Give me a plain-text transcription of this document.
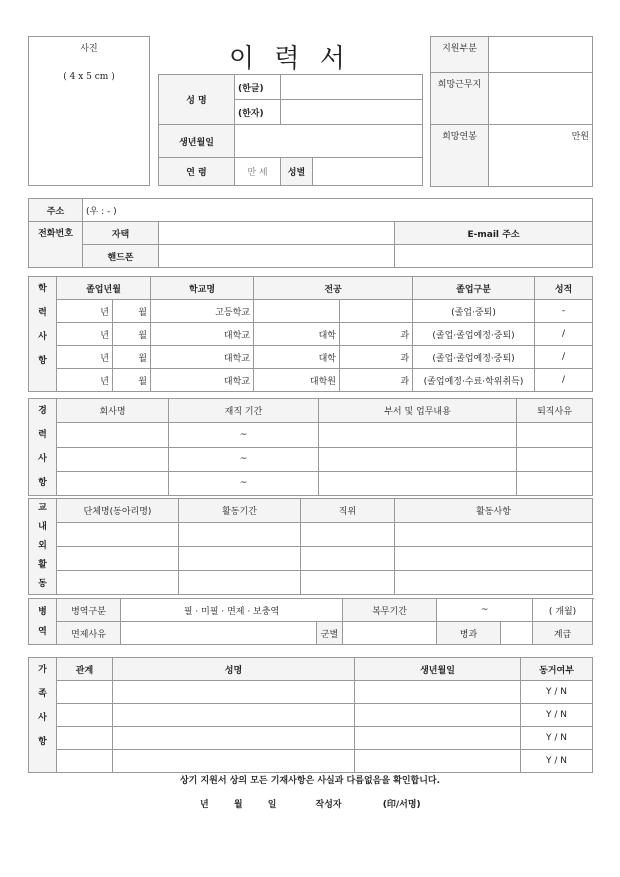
사진
( 4 x 5 cm )
이 력 서
성 명	(한글)	
	(한자)	
생년월일	
연 령	만 세	성별	
지원부분	
희망근무지	
희망연봉	만원
주소	(우 : - )		
전화번호	자택		E-mail 주소
	핸드폰		
학
력
사
항	졸업년월		학교명	전공		졸업구분	성적
	년	월	고등학교			(졸업·중퇴)	-
	년	월	대학교	대학	과	(졸업·졸업예정·중퇴)	/
	년	월	대학교	대학	과	(졸업·졸업예정·중퇴)	/
	년	월	대학교	대학원	과	(졸업예정·수료·학위취득)	/
경
력
사
항	회사명	재직 기간	부서 및 업무내용	퇴직사유
		~		
		~		
		~		
교
내
외
활
동	단체명(동아리명)	활동기간	직위	활동사항

병
역	병역구분	필 · 미필 · 면제 · 보충역		복무기간	~		( 개월)	
	면제사유		군별		병과		계급	
가
족
사
항	관계	성명	생년월일	동거여부
				Y / N
				Y / N
				Y / N
				Y / N
상기 지원서 상의 모든 기재사항은 사실과 다름없음을 확인합니다.
년	월	일	작성자	(印/서명)
